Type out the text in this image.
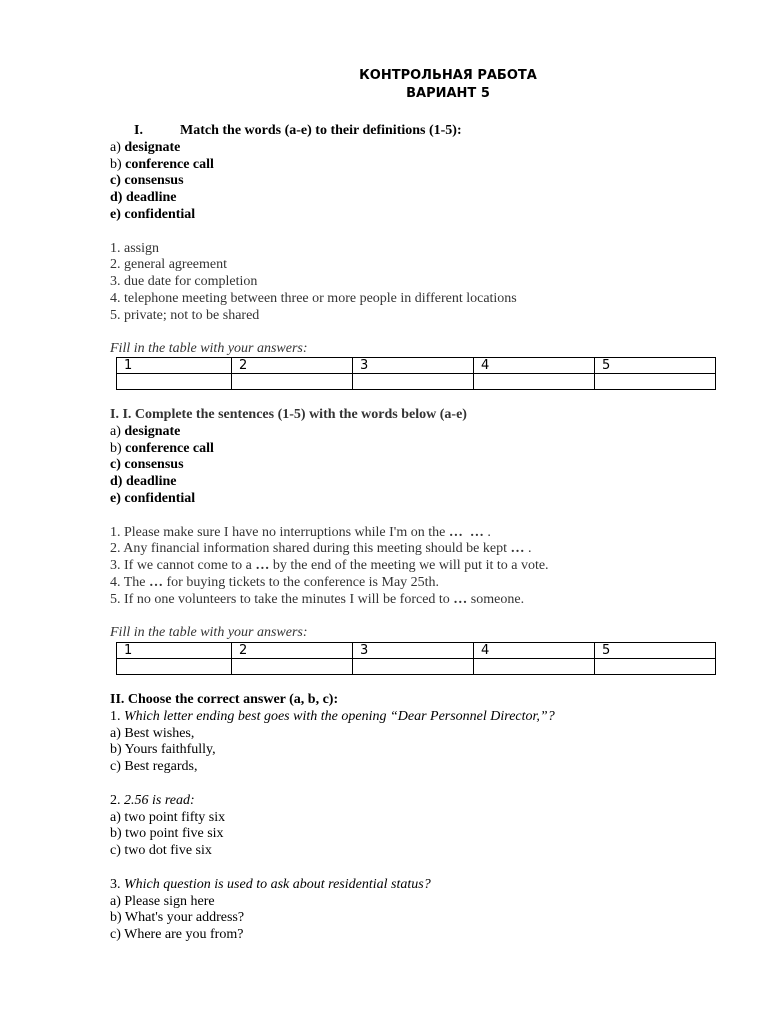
КОНТРОЛЬНАЯ РАБОТА
ВАРИАНТ 5
I.	Match the words (a-e) to their definitions (1-5):
a) designate
b) conference call
c) consensus
d) deadline
e) confidential
1. assign
2. general agreement
3. due date for completion
4. telephone meeting between three or more people in different locations
5. private; not to be shared
Fill in the table with your answers:
1	2	3	4	5

I. I. Complete the sentences (1-5) with the words below (a-e)
a) designate
b) conference call
c) consensus
d) deadline
e) confidential
1. Please make sure I have no interruptions while I'm on the …  … .
2. Any financial information shared during this meeting should be kept … .
3. If we cannot come to a … by the end of the meeting we will put it to a vote.
4. The … for buying tickets to the conference is May 25th.
5. If no one volunteers to take the minutes I will be forced to … someone.
Fill in the table with your answers:
1	2	3	4	5

II. Choose the correct answer (a, b, c):
1. Which letter ending best goes with the opening “Dear Personnel Director,”?
a) Best wishes,
b) Yours faithfully,
c) Best regards,
2. 2.56 is read:
a) two point fifty six
b) two point five six
c) two dot five six
3. Which question is used to ask about residential status?
a) Please sign here
b) What's your address?
c) Where are you from?
